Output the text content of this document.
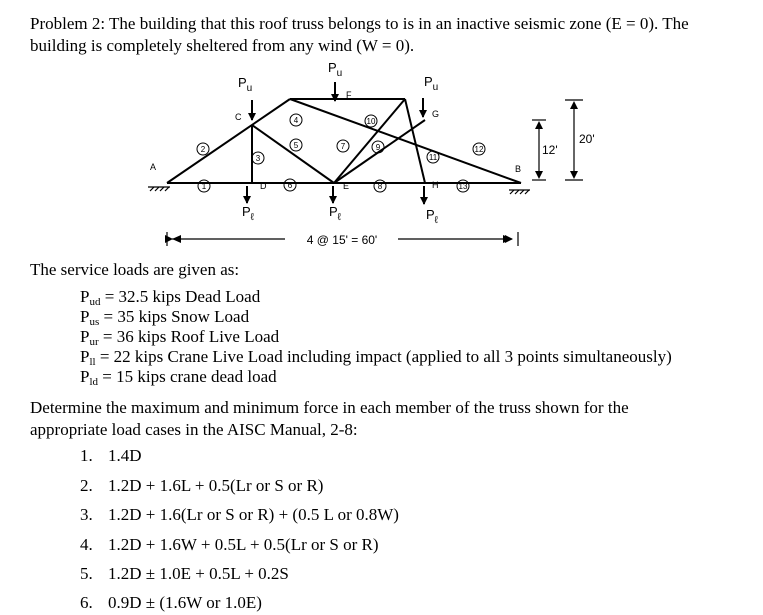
Problem 2: The building that this roof truss belongs to is in an inactive seismic zone (E = 0). The
building is completely sheltered from any wind (W = 0).
$P_u$
$P_u$
$P_u$
$P_\ell$	$P_\ell$	$P_\ell$
A	B
C
D	E
F
G
H
1
2
3
4
5
6
7
8
9
10
11
12
13
4 @ 15' = 60'
12'
20'
The service loads are given as:
$P_{ud} = 32.5$ kips Dead Load
$P_{us} = 35$ kips Snow Load
$P_{ur} = 36$ kips Roof Live Load
$P_{ll} = 22$ kips Crane Live Load including impact (applied to all 3 points simultaneously)
$P_{ld} = 15$ kips crane dead load
Determine the maximum and minimum force in each member of the truss shown for the
appropriate load cases in the AISC Manual, 2-8:
1. 1.4D
2. 1.2D + 1.6L + 0.5(Lr or S or R)
3. 1.2D + 1.6(Lr or S or R) + (0.5 L or 0.8W)
4. 1.2D + 1.6W + 0.5L + 0.5(Lr or S or R)
5. 1.2D ± 1.0E + 0.5L + 0.2S
6. 0.9D ± (1.6W or 1.0E)
